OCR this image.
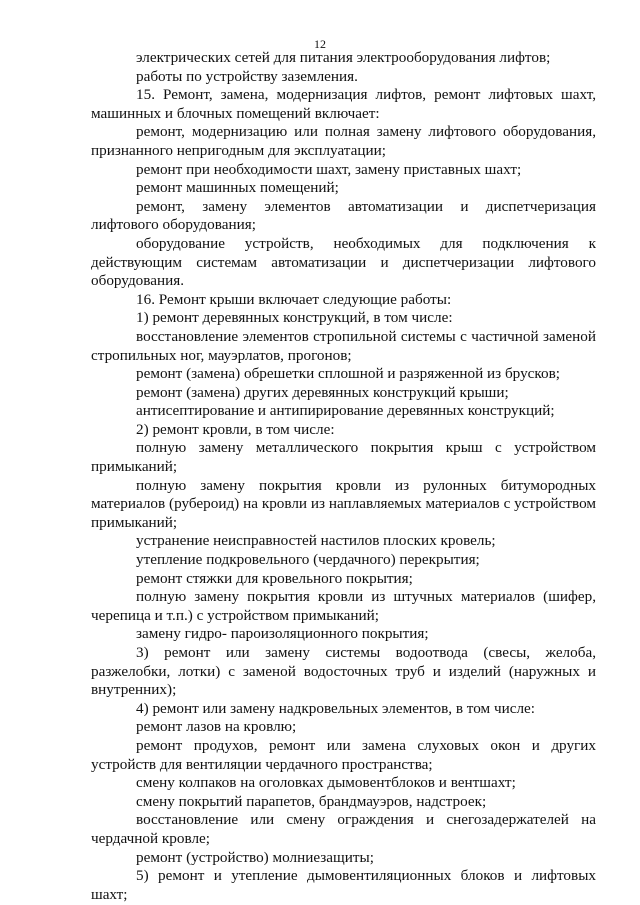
12

электрических сетей для питания электрооборудования лифтов;

работы по устройству заземления.

15. Ремонт, замена, модернизация лифтов, ремонт лифтовых шахт, машинных и блочных помещений включает:

ремонт, модернизацию или полная замену лифтового оборудования, признанного непригодным для эксплуатации;

ремонт при необходимости шахт, замену приставных шахт;

ремонт машинных помещений;

ремонт, замену элементов автоматизации и диспетчеризация лифтового оборудования;

оборудование устройств, необходимых для подключения к действующим системам автоматизации и диспетчеризации лифтового оборудования.

16. Ремонт крыши включает следующие работы:

1) ремонт деревянных конструкций, в том числе:

восстановление элементов стропильной системы с частичной заменой стропильных ног, мауэрлатов, прогонов;

ремонт (замена) обрешетки сплошной и разряженной из брусков;

ремонт (замена) других деревянных конструкций крыши;

антисептирование и антипирирование деревянных конструкций;

2) ремонт кровли, в том числе:

полную замену металлического покрытия крыш с устройством примыканий;

полную замену покрытия кровли из рулонных битумородных материалов (рубероид) на кровли из наплавляемых материалов с устройством примыканий;

устранение неисправностей настилов плоских кровель;

утепление подкровельного (чердачного) перекрытия;

ремонт стяжки для кровельного покрытия;

полную замену покрытия кровли из штучных материалов (шифер, черепица и т.п.) с устройством примыканий;

замену гидро- пароизоляционного покрытия;

3) ремонт или замену системы водоотвода (свесы, желоба, разжелобки, лотки) с заменой водосточных труб и изделий (наружных и внутренних);

4) ремонт или замену надкровельных элементов, в том числе:

ремонт лазов на кровлю;

ремонт продухов, ремонт или замена слуховых окон и других устройств для вентиляции чердачного пространства;

смену колпаков на оголовках дымовентблоков и вентшахт;

смену покрытий парапетов, брандмауэров, надстроек;

восстановление или смену ограждения и снегозадержателей на чердачной кровле;

ремонт (устройство) молниезащиты;

5) ремонт и утепление дымовентиляционных блоков и лифтовых шахт;
